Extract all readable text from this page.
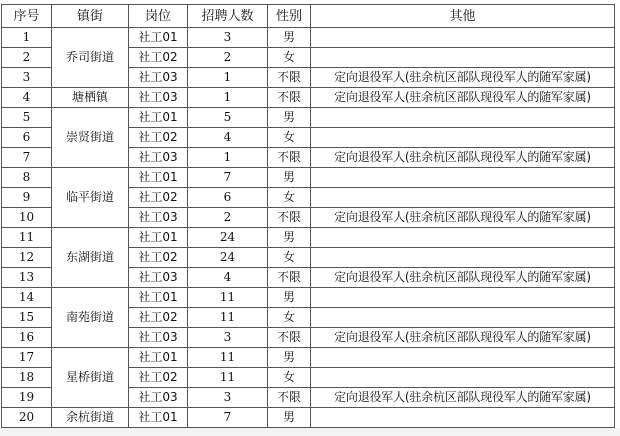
序号	镇街	岗位	招聘人数	性别	其他
1	乔司街道	社工01	3	男	
2		社工02	2	女	
3		社工03	1	不限	定向退役军人(驻余杭区部队现役军人的随军家属)
4	塘栖镇	社工03	1	不限	定向退役军人(驻余杭区部队现役军人的随军家属)
5	崇贤街道	社工01	5	男	
6		社工02	4	女	
7		社工03	1	不限	定向退役军人(驻余杭区部队现役军人的随军家属)
8	临平街道	社工01	7	男	
9		社工02	6	女	
10		社工03	2	不限	定向退役军人(驻余杭区部队现役军人的随军家属)
11	东湖街道	社工01	24	男	
12		社工02	24	女	
13		社工03	4	不限	定向退役军人(驻余杭区部队现役军人的随军家属)
14	南苑街道	社工01	11	男	
15		社工02	11	女	
16		社工03	3	不限	定向退役军人(驻余杭区部队现役军人的随军家属)
17	星桥街道	社工01	11	男	
18		社工02	11	女	
19		社工03	3	不限	定向退役军人(驻余杭区部队现役军人的随军家属)
20	余杭街道	社工01	7	男	
